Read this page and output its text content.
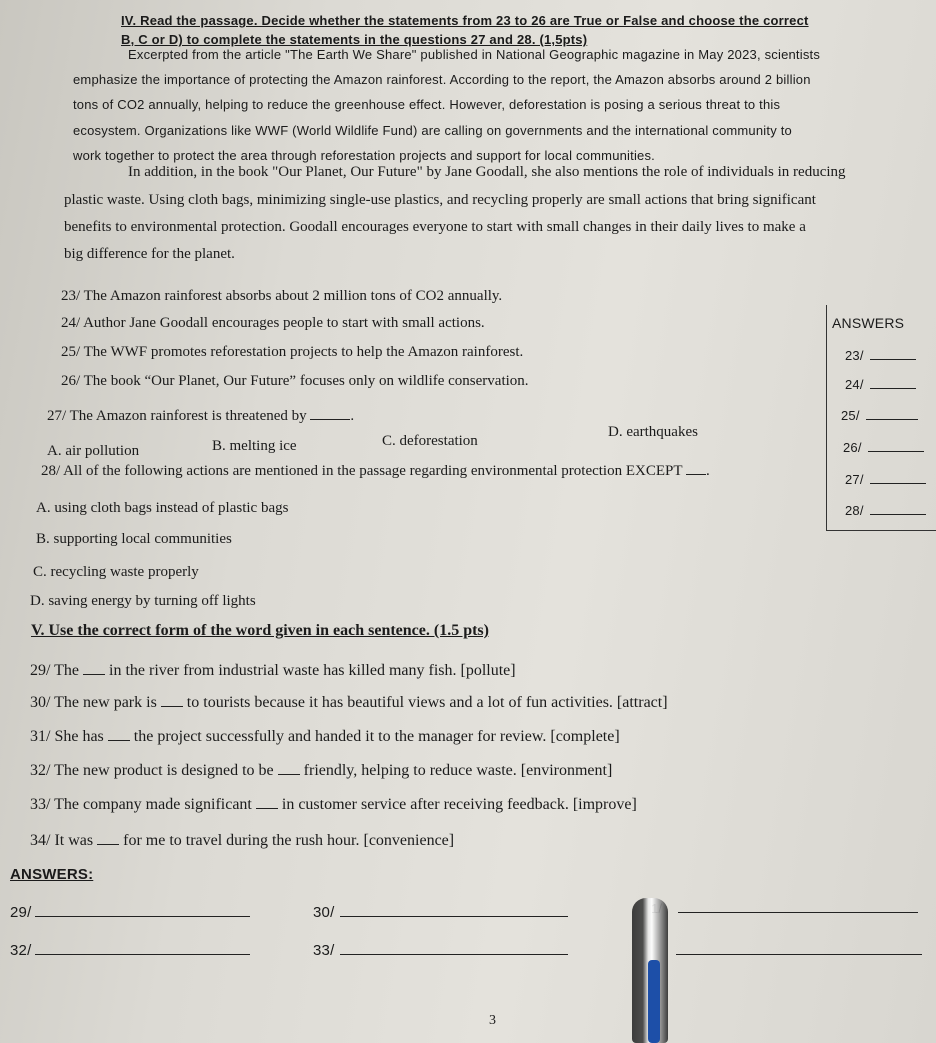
IV. Read the passage. Decide whether the statements from 23 to 26 are True or False and choose the correct
B, C or D) to complete the statements in the questions 27 and 28. (1,5pts)
Excerpted from the article "The Earth We Share" published in National Geographic magazine in May 2023, scientists
emphasize the importance of protecting the Amazon rainforest. According to the report, the Amazon absorbs around 2 billion
tons of CO2 annually, helping to reduce the greenhouse effect. However, deforestation is posing a serious threat to this
ecosystem. Organizations like WWF (World Wildlife Fund) are calling on governments and the international community to
work together to protect the area through reforestation projects and support for local communities.
In addition, in the book "Our Planet, Our Future" by Jane Goodall, she also mentions the role of individuals in reducing
plastic waste. Using cloth bags, minimizing single-use plastics, and recycling properly are small actions that bring significant
benefits to environmental protection. Goodall encourages everyone to start with small changes in their daily lives to make a
big difference for the planet.
23/ The Amazon rainforest absorbs about 2 million tons of CO2 annually.
24/ Author Jane Goodall encourages people to start with small actions.
25/ The WWF promotes reforestation projects to help the Amazon rainforest.
26/ The book “Our Planet, Our Future” focuses only on wildlife conservation.
27/ The Amazon rainforest is threatened by	.
A. air pollution	B. melting ice	C. deforestation
D. earthquakes
28/ All of the following actions are mentioned in the passage regarding environmental protection EXCEPT .
A. using cloth bags instead of plastic bags
B. supporting local communities
C. recycling waste properly
D. saving energy by turning off lights
ANSWERS
23/
24/
25/
26/
27/
28/
V. Use the correct form of the word given in each sentence. (1.5 pts)
29/ The in the river from industrial waste has killed many fish. [pollute]
30/ The new park is to tourists because it has beautiful views and a lot of fun activities. [attract]
31/ She has the project successfully and handed it to the manager for review. [complete]
32/ The new product is designed to be friendly, helping to reduce waste. [environment]
33/ The company made significant in customer service after receiving feedback. [improve]
34/ It was for me to travel during the rush hour. [convenience]
ANSWERS:
29/	30/
32/	33/
3
